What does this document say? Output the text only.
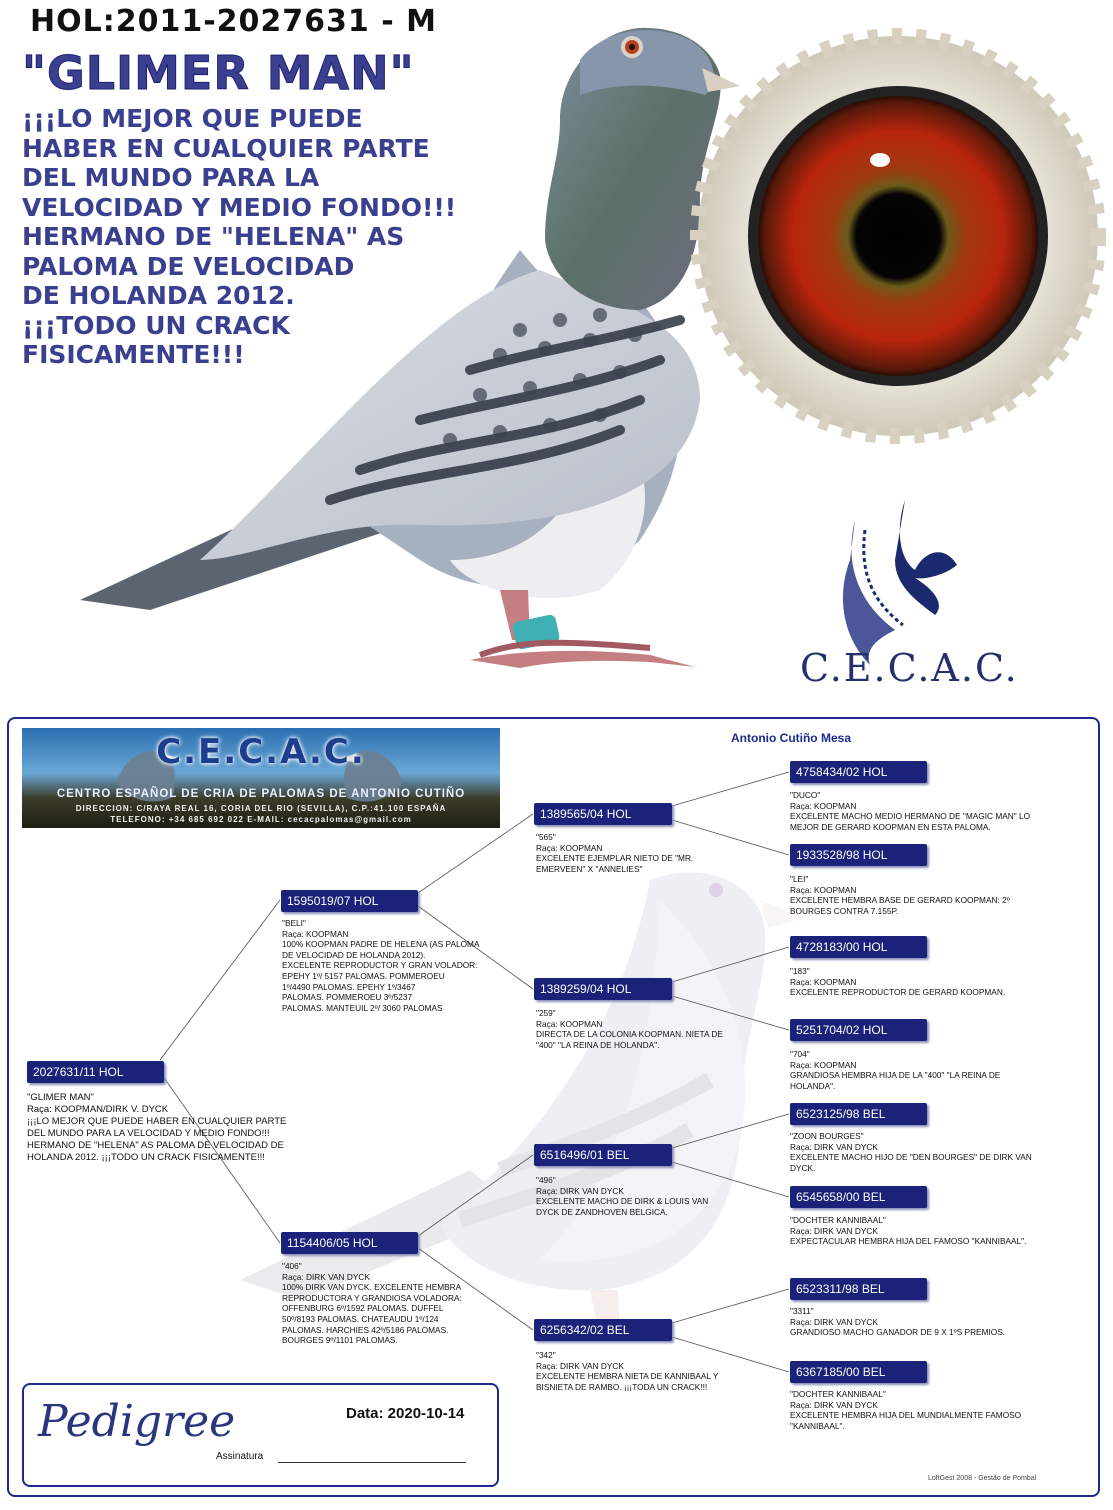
HOL:2011-2027631 - M
"GLIMER MAN"
¡¡¡LO MEJOR QUE PUEDE
HABER EN CUALQUIER PARTE
DEL MUNDO PARA LA
VELOCIDAD Y MEDIO FONDO!!!
HERMANO DE "HELENA" AS
PALOMA DE VELOCIDAD
DE HOLANDA 2012.
¡¡¡TODO UN CRACK
FISICAMENTE!!!
C.E.C.A.C.
C.E.C.A.C.
CENTRO ESPAÑOL DE CRIA DE PALOMAS DE ANTONIO CUTIÑO
DIRECCION: C/RAYA REAL 16, CORIA DEL RIO (SEVILLA), C.P.:41.100 ESPAÑA
TELEFONO: +34 685 692 022 E-MAIL: cecacpalomas@gmail.com
Antonio Cutiño Mesa
2027631/11 HOL
"GLIMER MAN"
Raça: KOOPMAN/DIRK V. DYCK
¡¡¡LO MEJOR QUE PUEDE HABER EN CUALQUIER PARTE
DEL MUNDO PARA LA VELOCIDAD Y MEDIO FONDO!!!
HERMANO DE "HELENA" AS PALOMA DE VELOCIDAD DE
HOLANDA 2012. ¡¡¡TODO UN CRACK FISICAMENTE!!!
1595019/07 HOL
"BELI"
Raça: KOOPMAN
100% KOOPMAN PADRE DE HELENA (AS PALOMA
DE VELOCIDAD DE HOLANDA 2012).
EXCELENTE REPRODUCTOR Y GRAN VOLADOR:
EPEHY 1º/ 5157 PALOMAS. POMMEROEU
1º/4490 PALOMAS. EPEHY 1º/3467
PALOMAS. POMMEROEU 3º/5237
PALOMAS. MANTEUIL 2º/ 3060 PALOMAS
1154406/05 HOL
"406"
Raça: DIRK VAN DYCK
100% DIRK VAN DYCK. EXCELENTE HEMBRA
REPRODUCTORA Y GRANDIOSA VOLADORA:
OFFENBURG 6º/1592 PALOMAS. DUFFEL
50º/8193 PALOMAS. CHATEAUDU 1º/124
PALOMAS. HARCHIES 42º/5186 PALOMAS.
BOURGES 9º/1101 PALOMAS.
1389565/04 HOL
"565"
Raça: KOOPMAN
EXCELENTE EJEMPLAR NIETO DE "MR.
EMERVEEN" X "ANNELIES"
1389259/04 HOL
"259"
Raça: KOOPMAN
DIRECTA DE LA COLONIA KOOPMAN. NIETA DE
"400" "LA REINA DE HOLANDA".
6516496/01 BEL
"496"
Raça: DIRK VAN DYCK
EXCELENTE MACHO DE DIRK & LOUIS VAN
DYCK DE ZANDHOVEN BELGICA.
6256342/02 BEL
"342"
Raça: DIRK VAN DYCK
EXCELENTE HEMBRA NIETA DE KANNIBAAL Y
BISNIETA DE RAMBO. ¡¡¡TODA UN CRACK!!!
4758434/02 HOL
"DUCO"
Raça: KOOPMAN
EXCELENTE MACHO MEDIO HERMANO DE "MAGIC MAN" LO
MEJOR DE GERARD KOOPMAN EN ESTA PALOMA.
1933528/98 HOL
"LEI"
Raça: KOOPMAN
EXCELENTE HEMBRA BASE DE GERARD KOOPMAN: 2º
BOURGES CONTRA 7.155P.
4728183/00 HOL
"183"
Raça: KOOPMAN
EXCELENTE REPRODUCTOR DE GERARD KOOPMAN.
5251704/02 HOL
"704"
Raça: KOOPMAN
GRANDIOSA HEMBRA HIJA DE LA "400" "LA REINA DE
HOLANDA".
6523125/98 BEL
"ZOON BOURGES"
Raça: DIRK VAN DYCK
EXCELENTE MACHO HIJO DE "DEN BOURGES" DE DIRK VAN
DYCK.
6545658/00 BEL
"DOCHTER KANNIBAAL"
Raça: DIRK VAN DYCK
EXPECTACULAR HEMBRA HIJA DEL FAMOSO "KANNIBAAL".
6523311/98 BEL
"3311"
Raça: DIRK VAN DYCK
GRANDIOSO MACHO GANADOR DE 9 X 1ºS PREMIOS.
6367185/00 BEL
"DOCHTER KANNIBAAL"
Raça: DIRK VAN DYCK
EXCELENTE HEMBRA HIJA DEL MUNDIALMENTE FAMOSO
"KANNIBAAL".
Pedigree	Data: 2020-10-14
Assinatura
LoftGest 2008 - Gestão de Pombal
